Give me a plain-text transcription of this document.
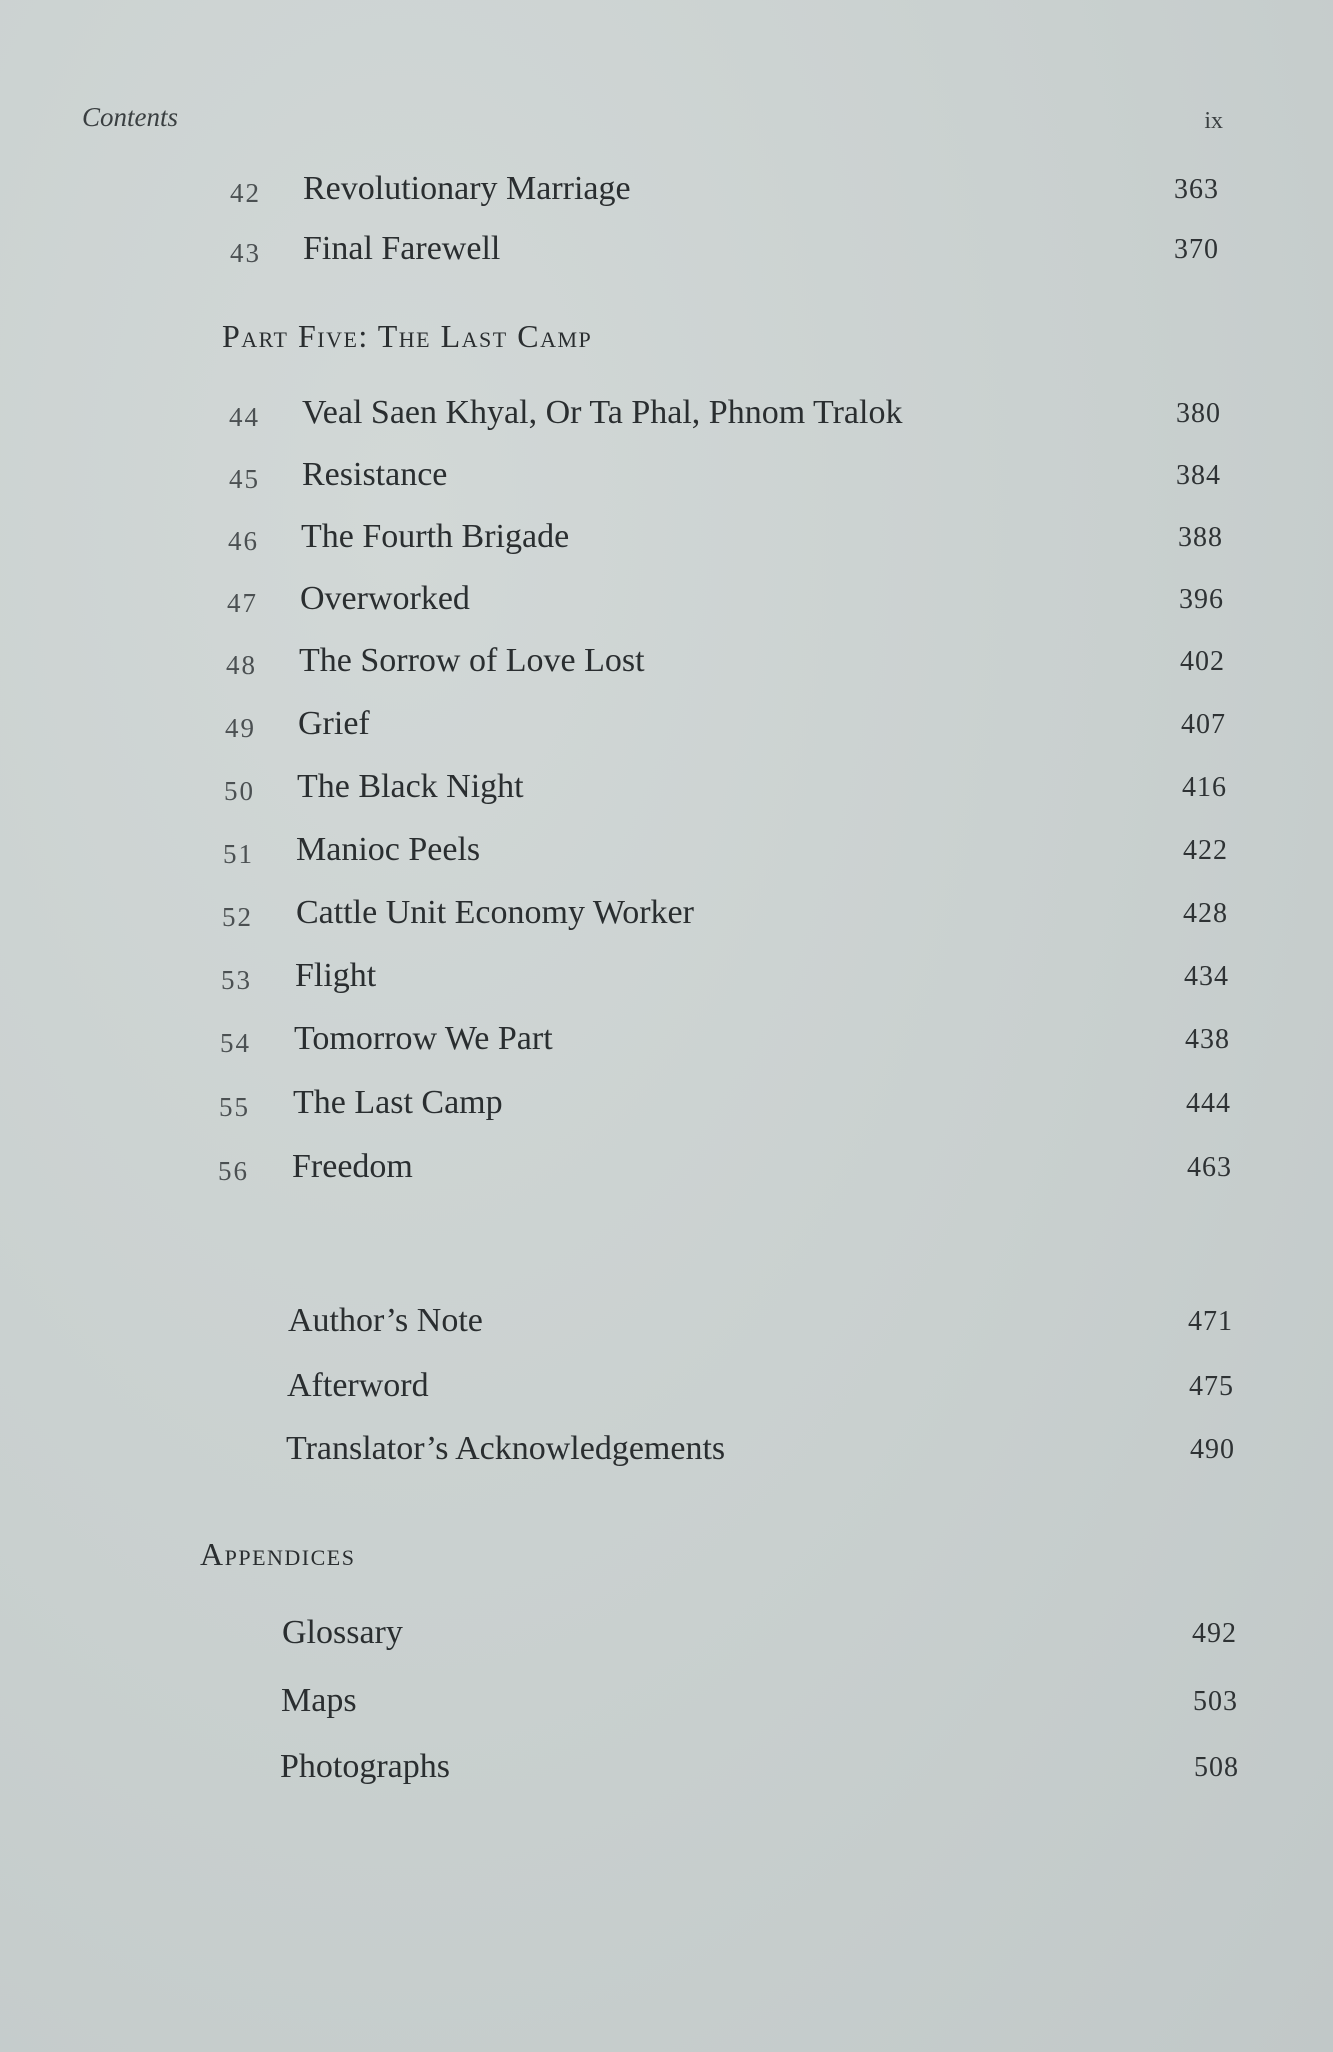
Contents	ix
42	Revolutionary Marriage	363
43	Final Farewell	370
Part Five: The Last Camp
44	Veal Saen Khyal, Or Ta Phal, Phnom Tralok	380
45	Resistance	384
46	The Fourth Brigade	388
47	Overworked	396
48	The Sorrow of Love Lost	402
49	Grief	407
50	The Black Night	416
51	Manioc Peels	422
52	Cattle Unit Economy Worker	428
53	Flight	434
54	Tomorrow We Part	438
55	The Last Camp	444
56	Freedom	463
Author’s Note	471
Afterword	475
Translator’s Acknowledgements	490
Appendices
Glossary	492
Maps	503
Photographs	508
